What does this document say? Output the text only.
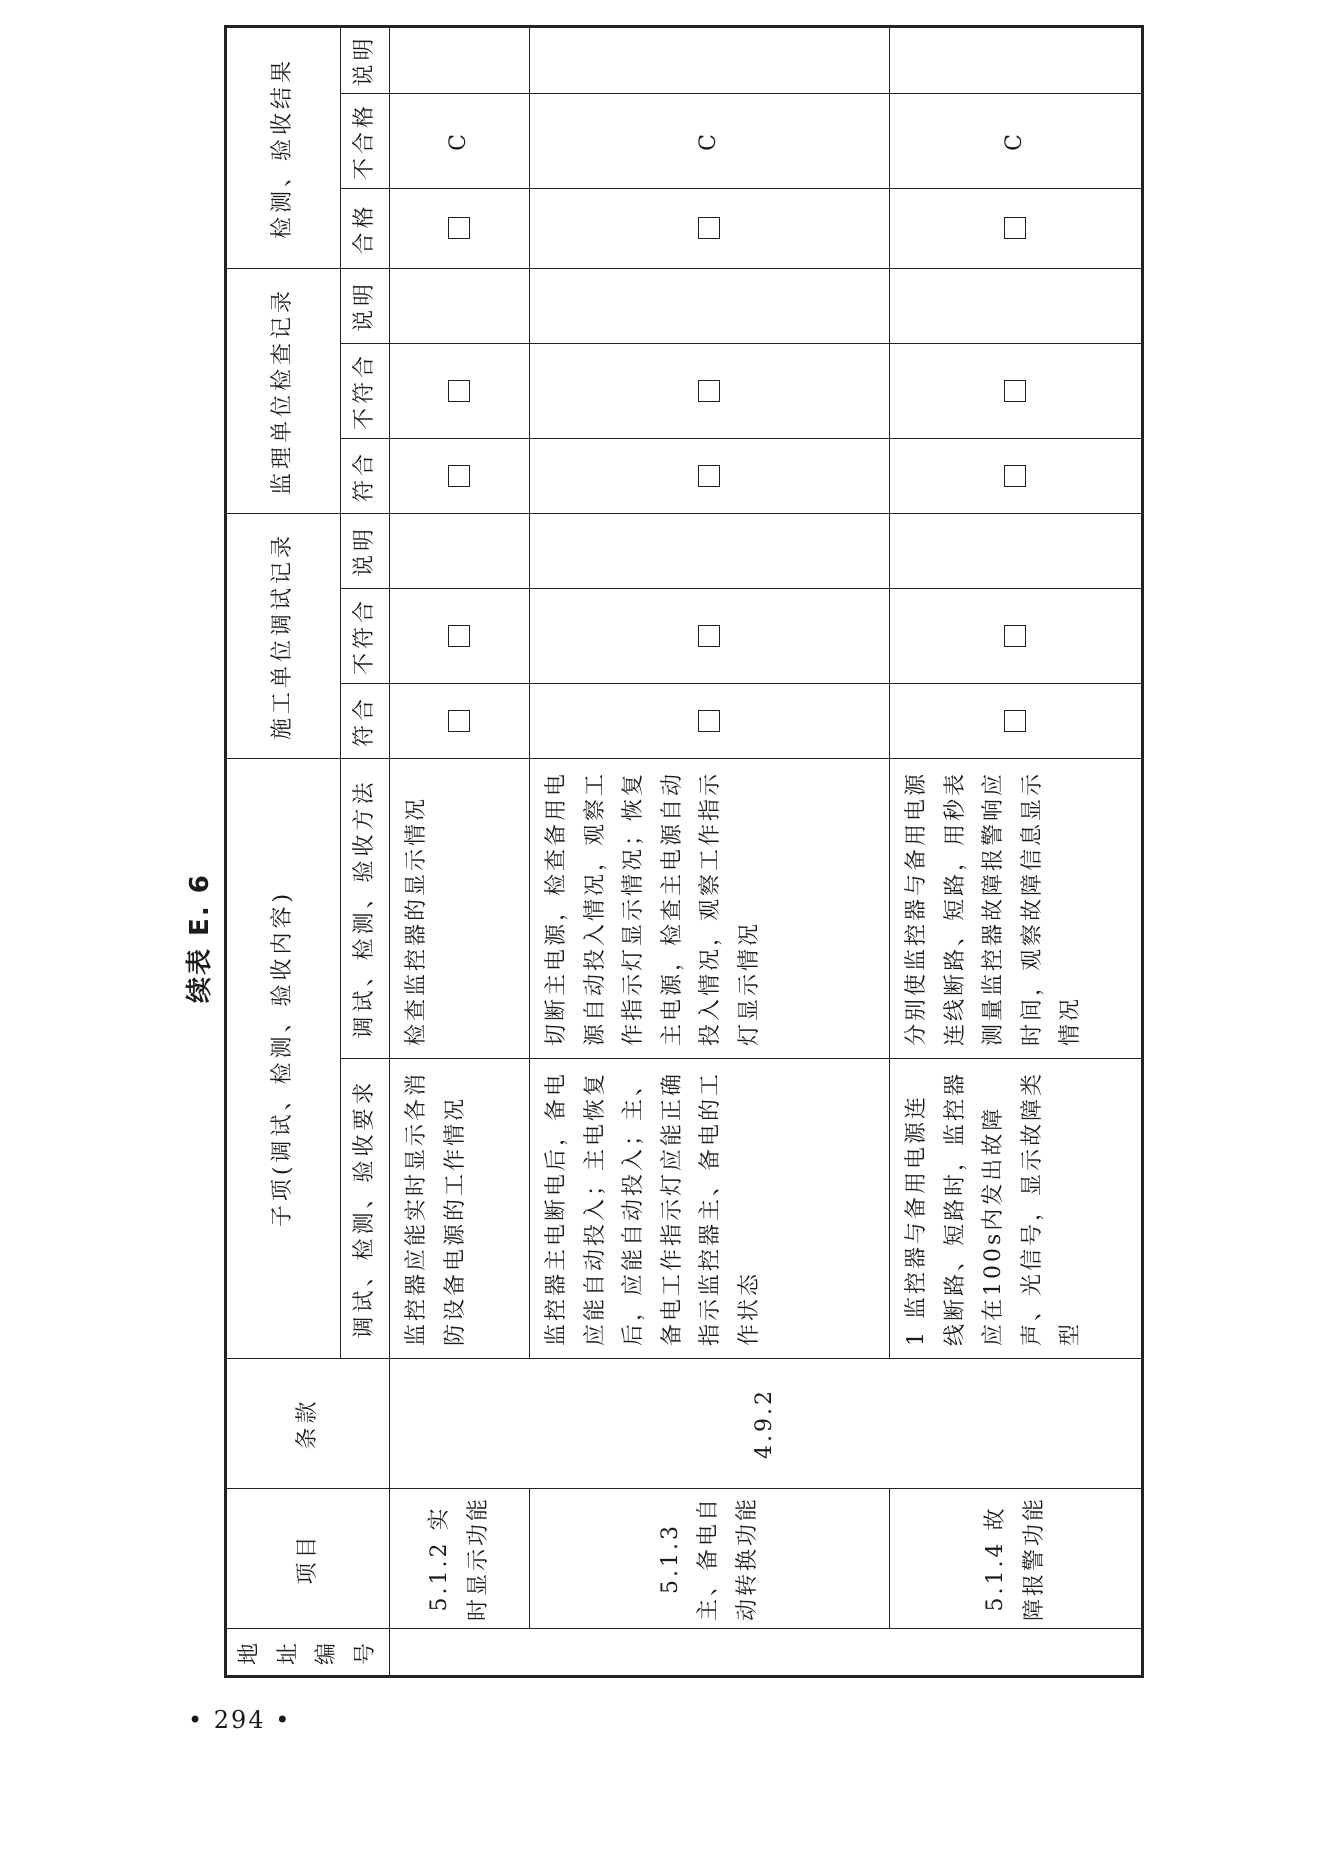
续表 E. 6
地址编号	项目	条款	子项(调试、检测、验收内容)		施工单位调试记录			监理单位检查记录			检测、验收结果		
			调试、检测、验收要求	调试、检测、验收方法	符合	不符合	说明	符合	不符合	说明	合格	不合格	说明
	5.1.2 实时显示功能	4.9.2	监控器应能实时显示各消防设备电源的工作情况	检查监控器的显示情况								C	
	5.1.3 主、备电自动转换功能		监控器主电断电后，备电应能自动投入；主电恢复后，应能自动投入；主、备电工作指示灯应能正确指示监控器主、备电的工作状态	切断主电源，检查备用电源自动投入情况，观察工作指示灯显示情况；恢复主电源，检查主电源自动投入情况，观察工作指示灯显示情况								C	
	5.1.4 故障报警功能		1 监控器与备用电源连线断路、短路时，监控器应在100s内发出故障声、光信号，显示故障类型	分别使监控器与备用电源连线断路、短路，用秒表测量监控器故障报警响应时间，观察故障信息显示情况								C	
• 294 •
